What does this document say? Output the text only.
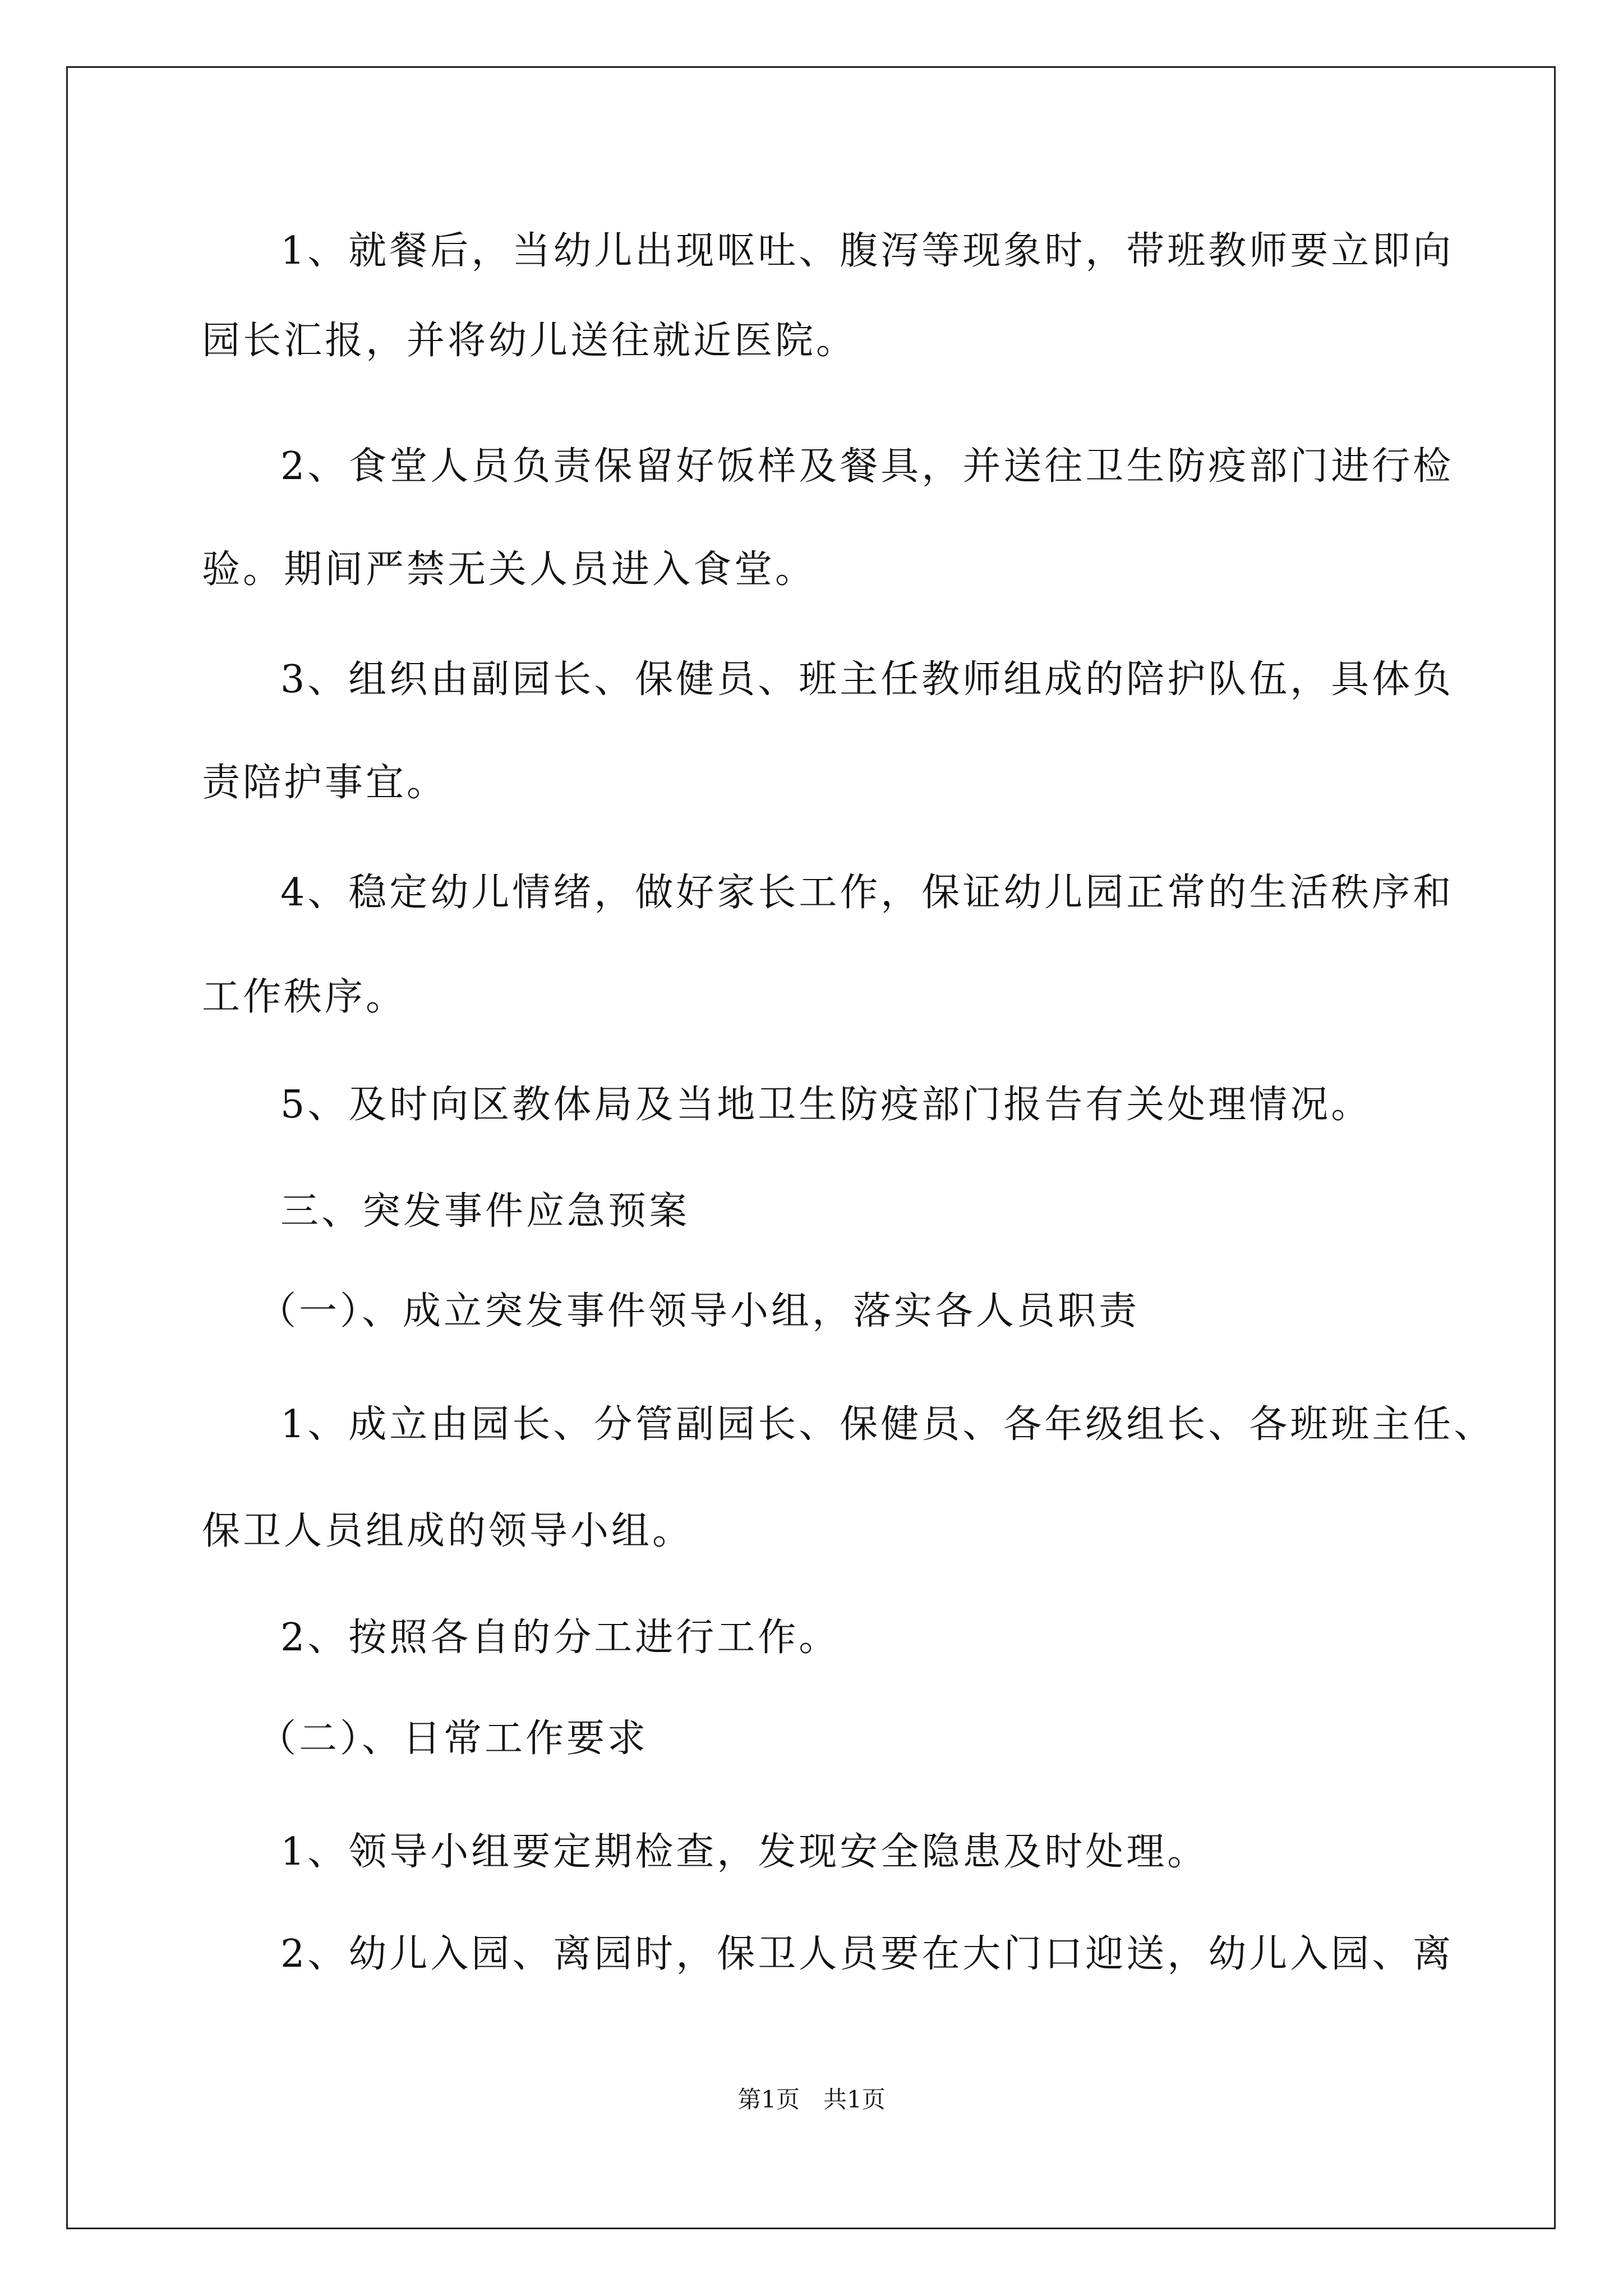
1、就餐后，当幼儿出现呕吐、腹泻等现象时，带班教师要立即向
园长汇报，并将幼儿送往就近医院。
2、食堂人员负责保留好饭样及餐具，并送往卫生防疫部门进行检
验。期间严禁无关人员进入食堂。
3、组织由副园长、保健员、班主任教师组成的陪护队伍，具体负
责陪护事宜。
4、稳定幼儿情绪，做好家长工作，保证幼儿园正常的生活秩序和
工作秩序。
5、及时向区教体局及当地卫生防疫部门报告有关处理情况。
三、突发事件应急预案
（一）、成立突发事件领导小组，落实各人员职责
1、成立由园长、分管副园长、保健员、各年级组长、各班班主任、
保卫人员组成的领导小组。
2、按照各自的分工进行工作。
（二）、日常工作要求
1、领导小组要定期检查，发现安全隐患及时处理。
2、幼儿入园、离园时，保卫人员要在大门口迎送，幼儿入园、离
第1页　共1页
